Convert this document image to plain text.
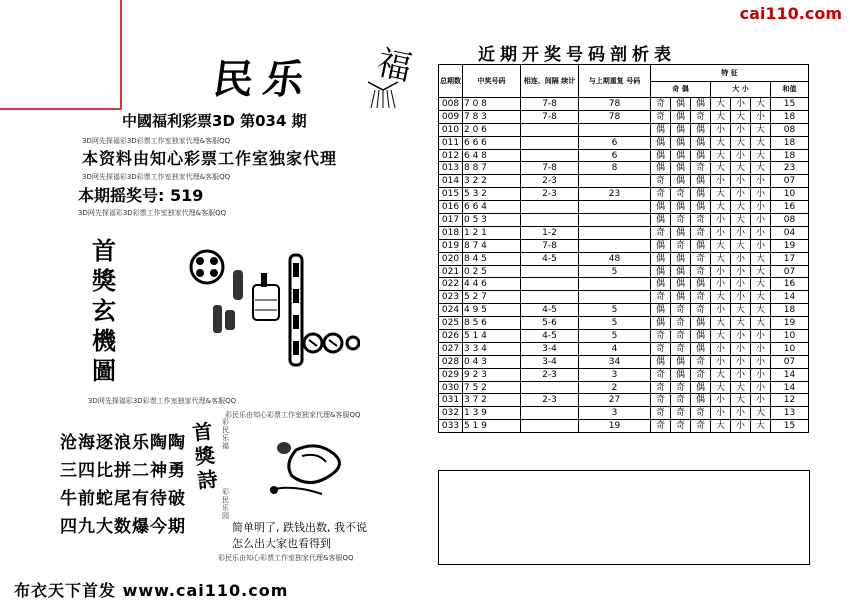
cai110.com
民乐 福
中國福利彩票3D 第034 期
3D网先探福彩3D彩票工作室独家代理&客服QQ
本资料由知心彩票工作室独家代理
3D网先探福彩3D彩票工作室独家代理&客服QQ
本期摇奖号: 519
3D网先探福彩3D彩票工作室独家代理&客服QQ
首
獎
玄
機
圖
3D网先探福彩3D彩票工作室独家代理&客服QQ
彩民乐由知心彩票工作室独家代理&客服QQ
沧海逐浪乐陶陶
三四比拼二神勇
牛前蛇尾有待破
四九大数爆今期
首
獎
詩
彩民乐福
彩民乐园
简单明了, 跌钱出数, 我不说
怎么出大家也看得到
彩民乐由知心彩票工作室独家代理&客服QQ
布衣天下首发 www.cai110.com
近期开奖号码剖析表
总期数	中奖号码	相连、间隔 续计	与上期重复 号码	特 征						
				奇 偶			大 小			和值
008	7 0 8	7-8	78	奇	偶	偶	大	小	大	15
009	7 8 3	7-8	78	奇	偶	奇	大	大	小	18
010	2 0 6			偶	偶	偶	小	小	大	08
011	6 6 6		6	偶	偶	偶	大	大	大	18
012	6 4 8		6	偶	偶	偶	大	小	大	18
013	8 8 7	7-8	8	偶	偶	奇	大	大	大	23
014	3 2 2	2-3		奇	偶	偶	小	小	小	07
015	5 3 2	2-3	23	奇	奇	偶	大	小	小	10
016	6 6 4			偶	偶	偶	大	大	小	16
017	0 5 3			偶	奇	奇	小	大	小	08
018	1 2 1	1-2		奇	偶	奇	小	小	小	04
019	8 7 4	7-8		偶	奇	偶	大	大	小	19
020	8 4 5	4-5	48	偶	偶	奇	大	小	大	17
021	0 2 5		5	偶	偶	奇	小	小	大	07
022	4 4 6			偶	偶	偶	小	小	大	16
023	5 2 7			奇	偶	奇	大	小	大	14
024	4 9 5	4-5	5	偶	奇	奇	小	大	大	18
025	8 5 6	5-6	5	偶	奇	偶	大	大	大	19
026	5 1 4	4-5	5	奇	奇	偶	大	小	小	10
027	3 3 4	3-4	4	奇	奇	偶	小	小	小	10
028	0 4 3	3-4	34	偶	偶	奇	小	小	小	07
029	9 2 3	2-3	3	奇	偶	奇	大	小	小	14
030	7 5 2		2	奇	奇	偶	大	大	小	14
031	3 7 2	2-3	27	奇	奇	偶	小	大	小	12
032	1 3 9		3	奇	奇	奇	小	小	大	13
033	5 1 9		19	奇	奇	奇	大	小	大	15
